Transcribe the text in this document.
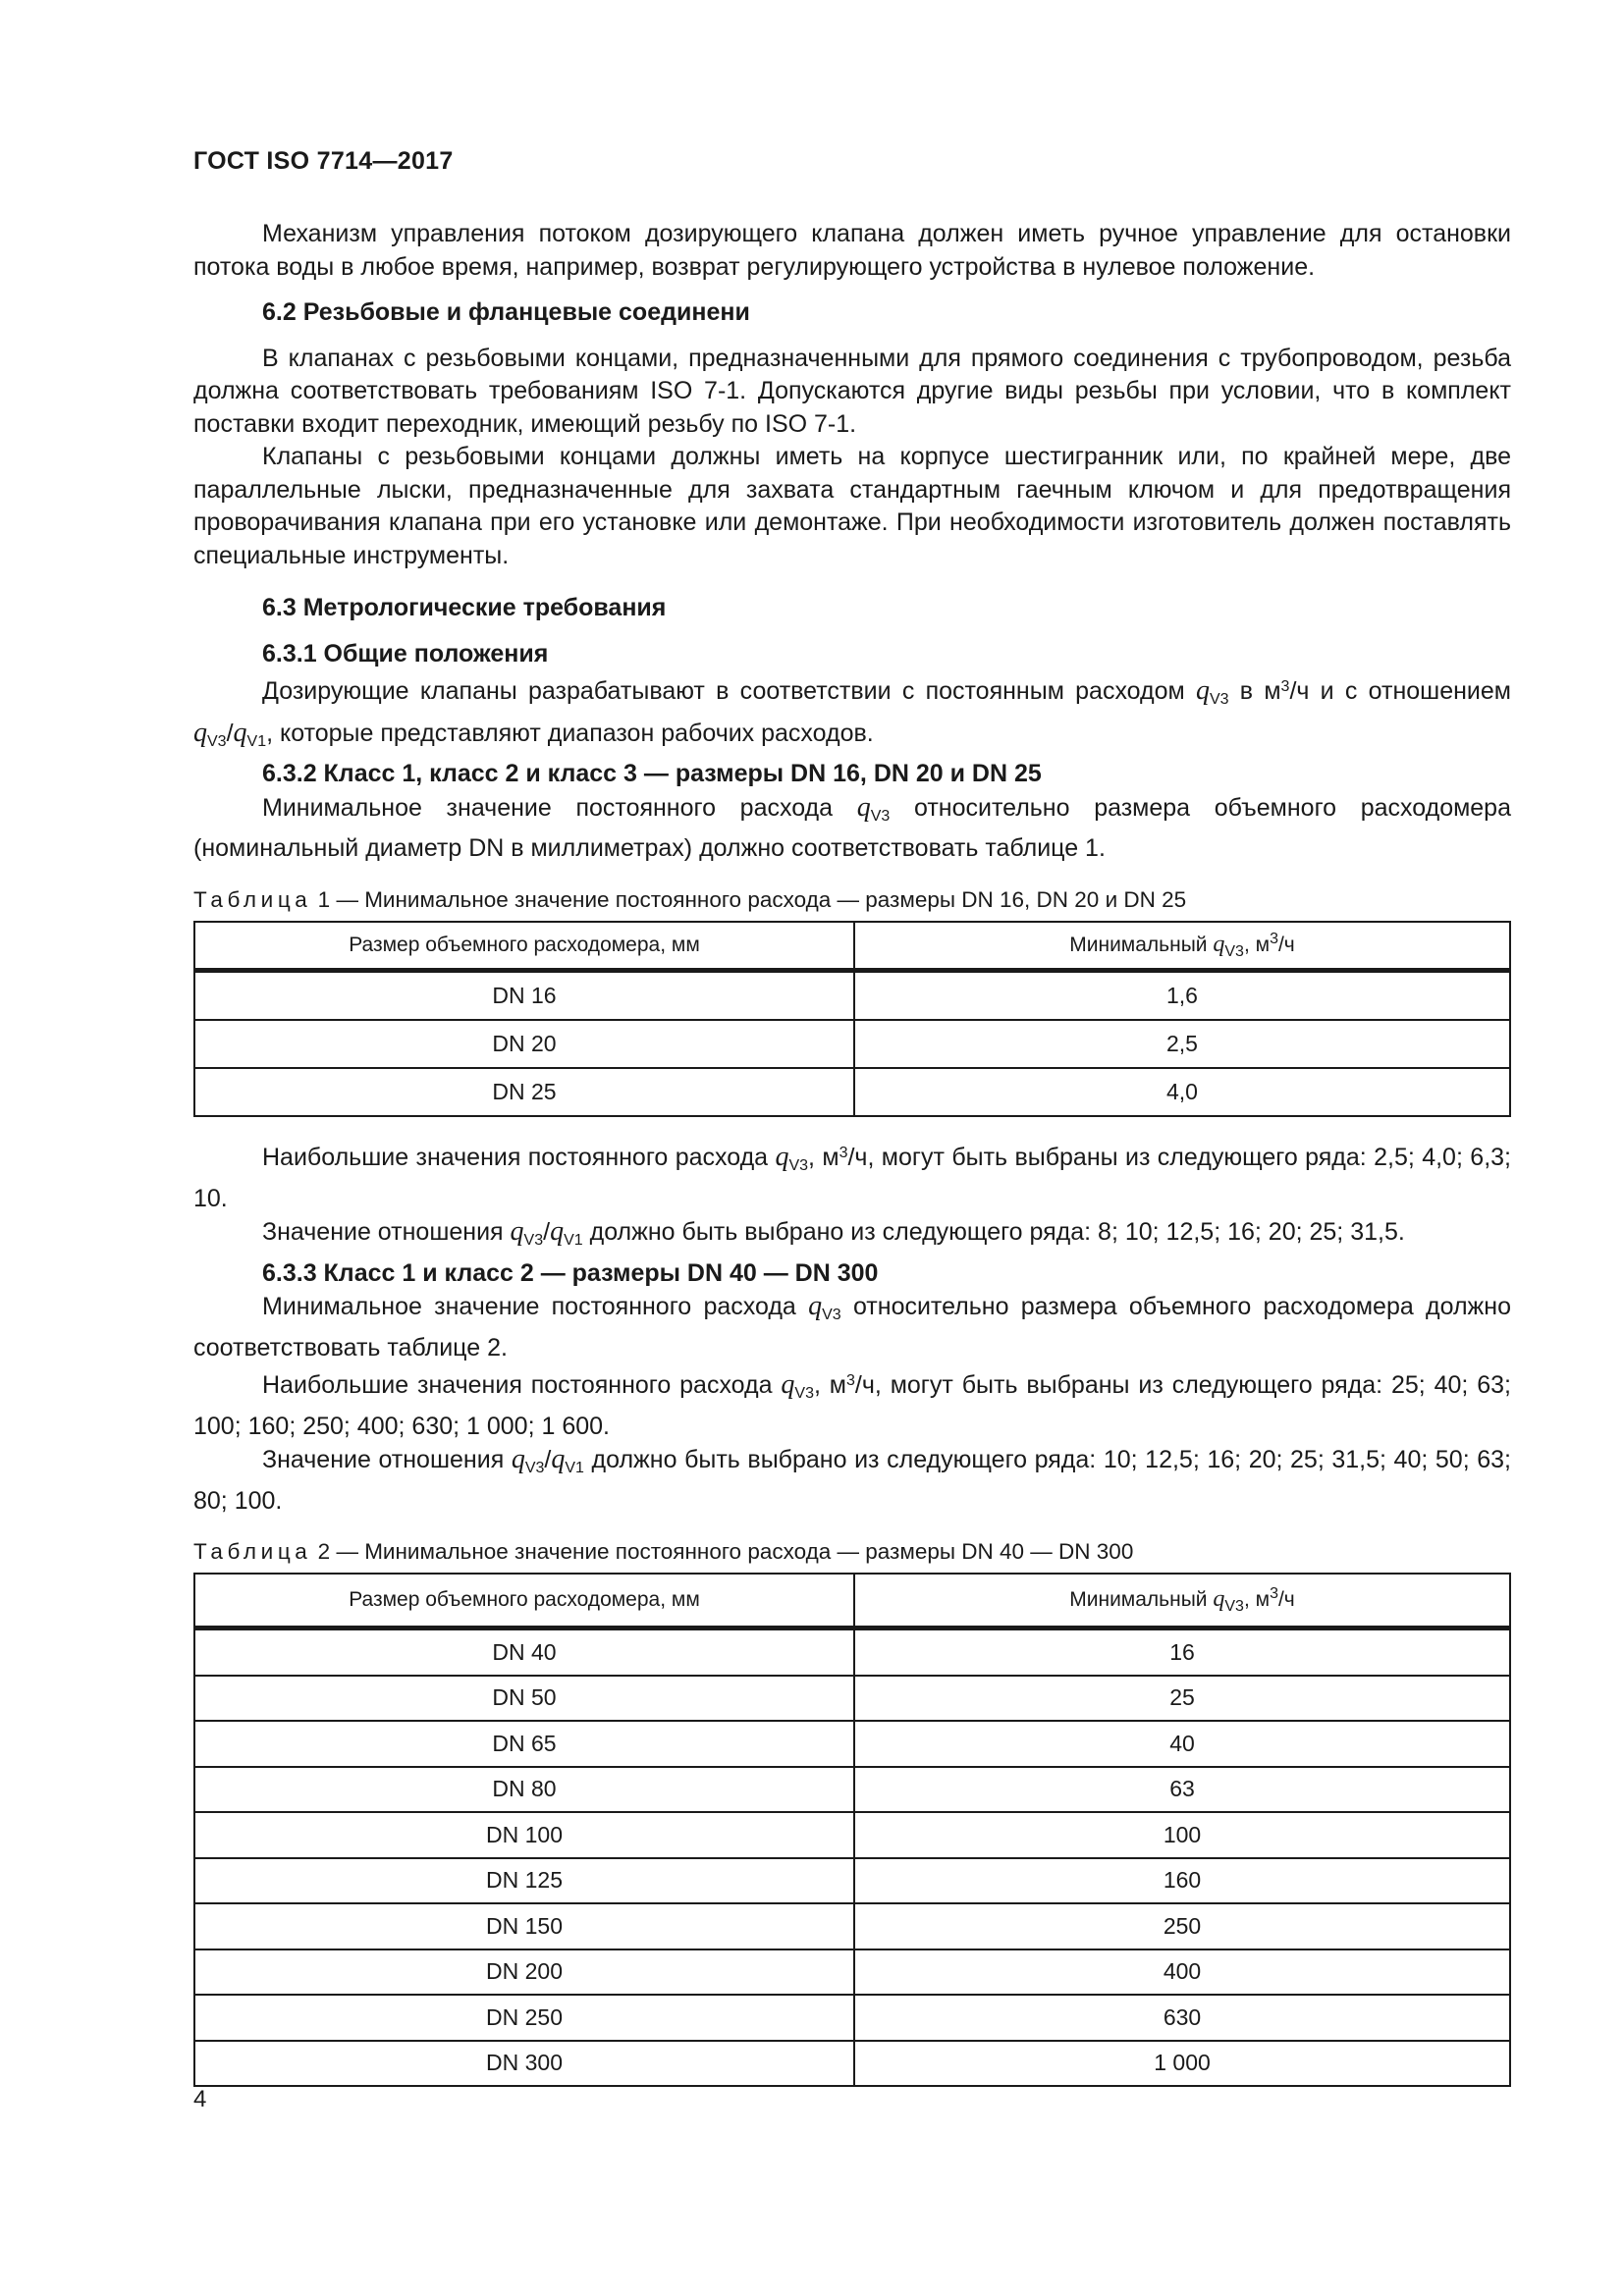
ГОСТ ISO 7714—2017

Механизм управления потоком дозирующего клапана должен иметь ручное управление для остановки потока воды в любое время, например, возврат регулирующего устройства в нулевое положение.

6.2 Резьбовые и фланцевые соединени

В клапанах с резьбовыми концами, предназначенными для прямого соединения с трубопроводом, резьба должна соответствовать требованиям ISO 7-1. Допускаются другие виды резьбы при условии, что в комплект поставки входит переходник, имеющий резьбу по ISO 7-1.

Клапаны с резьбовыми концами должны иметь на корпусе шестигранник или, по крайней мере, две параллельные лыски, предназначенные для захвата стандартным гаечным ключом и для предотвращения проворачивания клапана при его установке или демонтаже. При необходимости изготовитель должен поставлять специальные инструменты.

6.3 Метрологические требования
6.3.1 Общие положения

Дозирующие клапаны разрабатывают в соответствии с постоянным расходом $q_{V3}$ в $м^3/ч$ и с отношением $q_{V3}/q_{V1}$, которые представляют диапазон рабочих расходов.

6.3.2 Класс 1, класс 2 и класс 3 — размеры DN 16, DN 20 и DN 25

Минимальное значение постоянного расхода $q_{V3}$ относительно размера объемного расходомера (номинальный диаметр DN в миллиметрах) должно соответствовать таблице 1.

Таблица 1 — Минимальное значение постоянного расхода — размеры DN 16, DN 20 и DN 25

Размер объемного расходомера, мм	Минимальный $q_{V3}$, $м^3/ч$
DN 16	1,6
DN 20	2,5
DN 25	4,0

Наибольшие значения постоянного расхода $q_{V3}$, $м^3/ч$, могут быть выбраны из следующего ряда: 2,5; 4,0; 6,3; 10.

Значение отношения $q_{V3}/q_{V1}$ должно быть выбрано из следующего ряда: 8; 10; 12,5; 16; 20; 25; 31,5.

6.3.3 Класс 1 и класс 2 — размеры DN 40 — DN 300

Минимальное значение постоянного расхода $q_{V3}$ относительно размера объемного расходомера должно соответствовать таблице 2.

Наибольшие значения постоянного расхода $q_{V3}$, $м^3/ч$, могут быть выбраны из следующего ряда: 25; 40; 63; 100; 160; 250; 400; 630; 1 000; 1 600.

Значение отношения $q_{V3}/q_{V1}$ должно быть выбрано из следующего ряда: 10; 12,5; 16; 20; 25; 31,5; 40; 50; 63; 80; 100.

Таблица 2 — Минимальное значение постоянного расхода — размеры DN 40 — DN 300

Размер объемного расходомера, мм	Минимальный $q_{V3}$, $м^3/ч$
DN 40	16
DN 50	25
DN 65	40
DN 80	63
DN 100	100
DN 125	160
DN 150	250
DN 200	400
DN 250	630
DN 300	1 000
4
